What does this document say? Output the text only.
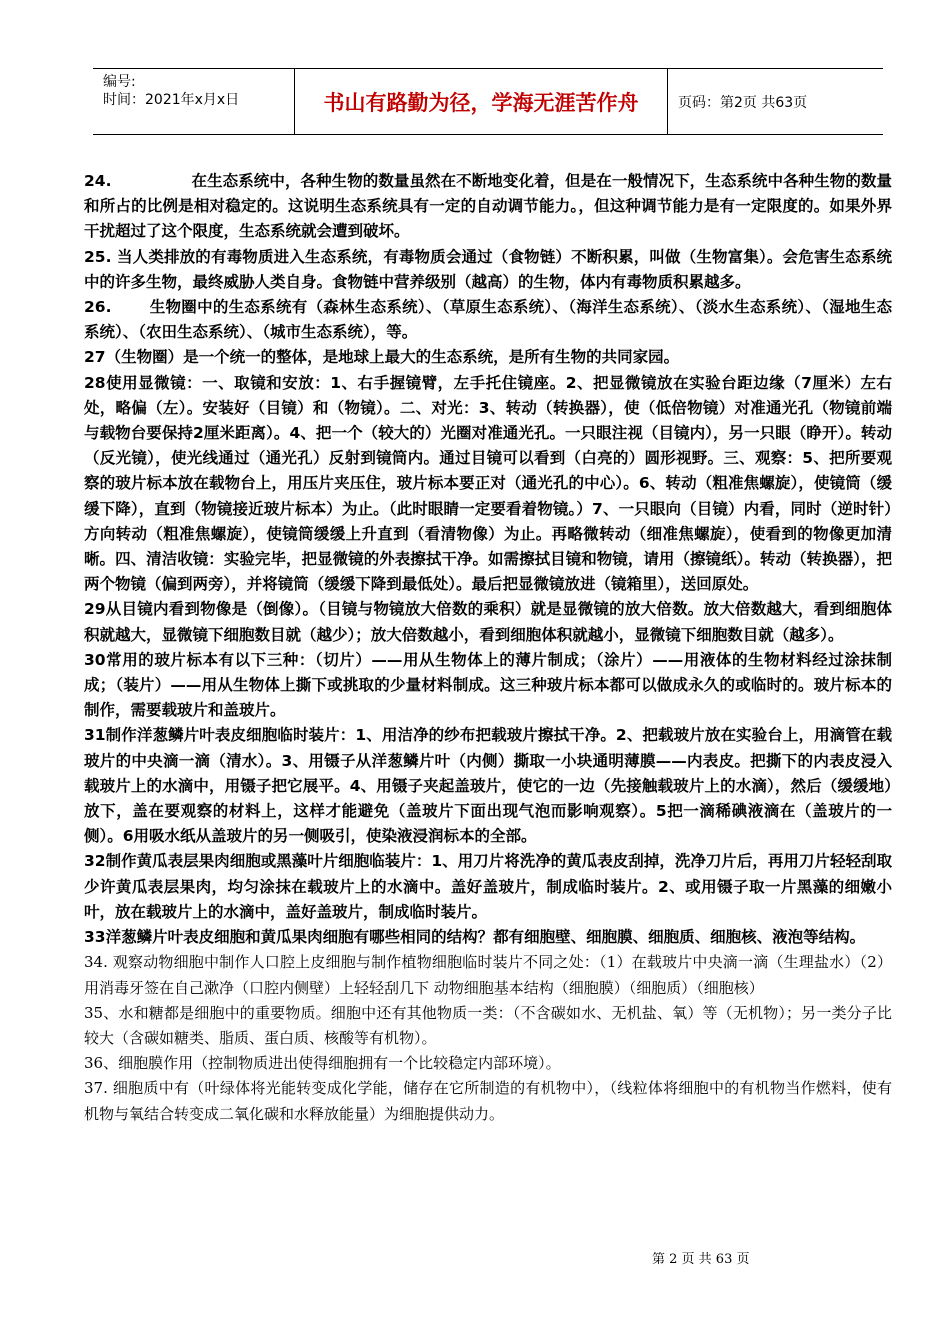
编号:
时间：2021年x月x日	书山有路勤为径，学海无涯苦作舟	页码：第2页 共63页

24.	在生态系统中，各种生物的数量虽然在不断地变化着，但是在一般情况下，生态系统中各种生物的数量和所占的比例是相对稳定的。这说明生态系统具有一定的自动调节能力。，但这种调节能力是有一定限度的。如果外界干扰超过了这个限度，生态系统就会遭到破坏。

25. 当人类排放的有毒物质进入生态系统，有毒物质会通过（食物链）不断积累，叫做（生物富集）。会危害生态系统中的许多生物，最终威胁人类自身。食物链中营养级别（越高）的生物，体内有毒物质积累越多。

26. 生物圈中的生态系统有（森林生态系统）、（草原生态系统）、（海洋生态系统）、（淡水生态系统）、（湿地生态系统）、（农田生态系统）、（城市生态系统），等。

27（生物圈）是一个统一的整体，是地球上最大的生态系统，是所有生物的共同家园。

28使用显微镜：一、取镜和安放：1、右手握镜臂，左手托住镜座。2、把显微镜放在实验台距边缘（7厘米）左右处，略偏（左）。安装好（目镜）和（物镜）。二、对光：3、转动（转换器），使（低倍物镜）对准通光孔（物镜前端与载物台要保持2厘米距离）。4、把一个（较大的）光圈对准通光孔。一只眼注视（目镜内），另一只眼（睁开）。转动（反光镜），使光线通过（通光孔）反射到镜筒内。通过目镜可以看到（白亮的）圆形视野。三、观察：5、把所要观察的玻片标本放在载物台上，用压片夹压住，玻片标本要正对（通光孔的中心）。6、转动（粗准焦螺旋），使镜筒（缓缓下降），直到（物镜接近玻片标本）为止。（此时眼睛一定要看着物镜。）7、一只眼向（目镜）内看，同时（逆时针）方向转动（粗准焦螺旋），使镜筒缓缓上升直到（看清物像）为止。再略微转动（细准焦螺旋），使看到的物像更加清晰。四、清洁收镜：实验完毕，把显微镜的外表擦拭干净。如需擦拭目镜和物镜，请用（擦镜纸）。转动（转换器），把两个物镜（偏到两旁），并将镜筒（缓缓下降到最低处）。最后把显微镜放进（镜箱里），送回原处。

29从目镜内看到物像是（倒像）。（目镜与物镜放大倍数的乘积）就是显微镜的放大倍数。放大倍数越大，看到细胞体积就越大，显微镜下细胞数目就（越少）；放大倍数越小，看到细胞体积就越小，显微镜下细胞数目就（越多）。

30常用的玻片标本有以下三种：（切片）——用从生物体上的薄片制成；（涂片）——用液体的生物材料经过涂抹制成；（装片）——用从生物体上撕下或挑取的少量材料制成。这三种玻片标本都可以做成永久的或临时的。玻片标本的制作，需要载玻片和盖玻片。

31制作洋葱鳞片叶表皮细胞临时装片：1、用洁净的纱布把载玻片擦拭干净。2、把载玻片放在实验台上，用滴管在载玻片的中央滴一滴（清水）。3、用镊子从洋葱鳞片叶（内侧）撕取一小块通明薄膜——内表皮。把撕下的内表皮浸入载玻片上的水滴中，用镊子把它展平。4、用镊子夹起盖玻片，使它的一边（先接触载玻片上的水滴），然后（缓缓地）放下，盖在要观察的材料上，这样才能避免（盖玻片下面出现气泡而影响观察）。5把一滴稀碘液滴在（盖玻片的一侧）。6用吸水纸从盖玻片的另一侧吸引，使染液浸润标本的全部。

32制作黄瓜表层果肉细胞或黑藻叶片细胞临装片：1、用刀片将洗净的黄瓜表皮刮掉，洗净刀片后，再用刀片轻轻刮取少许黄瓜表层果肉，均匀涂抹在载玻片上的水滴中。盖好盖玻片，制成临时装片。2、或用镊子取一片黑藻的细嫩小叶，放在载玻片上的水滴中，盖好盖玻片，制成临时装片。

33洋葱鳞片叶表皮细胞和黄瓜果肉细胞有哪些相同的结构？都有细胞壁、细胞膜、细胞质、细胞核、液泡等结构。

34. 观察动物细胞中制作人口腔上皮细胞与制作植物细胞临时装片不同之处：（1）在载玻片中央滴一滴（生理盐水）（2）用消毒牙签在自己漱净（口腔内侧壁）上轻轻刮几下 动物细胞基本结构（细胞膜）（细胞质）（细胞核）

35、水和糖都是细胞中的重要物质。细胞中还有其他物质一类：（不含碳如水、无机盐、氧）等（无机物）；另一类分子比较大（含碳如糖类、脂质、蛋白质、核酸等有机物）。

36、细胞膜作用（控制物质进出使得细胞拥有一个比较稳定内部环境）。

37. 细胞质中有（叶绿体将光能转变成化学能，储存在它所制造的有机物中），（线粒体将细胞中的有机物当作燃料，使有机物与氧结合转变成二氧化碳和水释放能量）为细胞提供动力。

第 2 页 共 63 页
